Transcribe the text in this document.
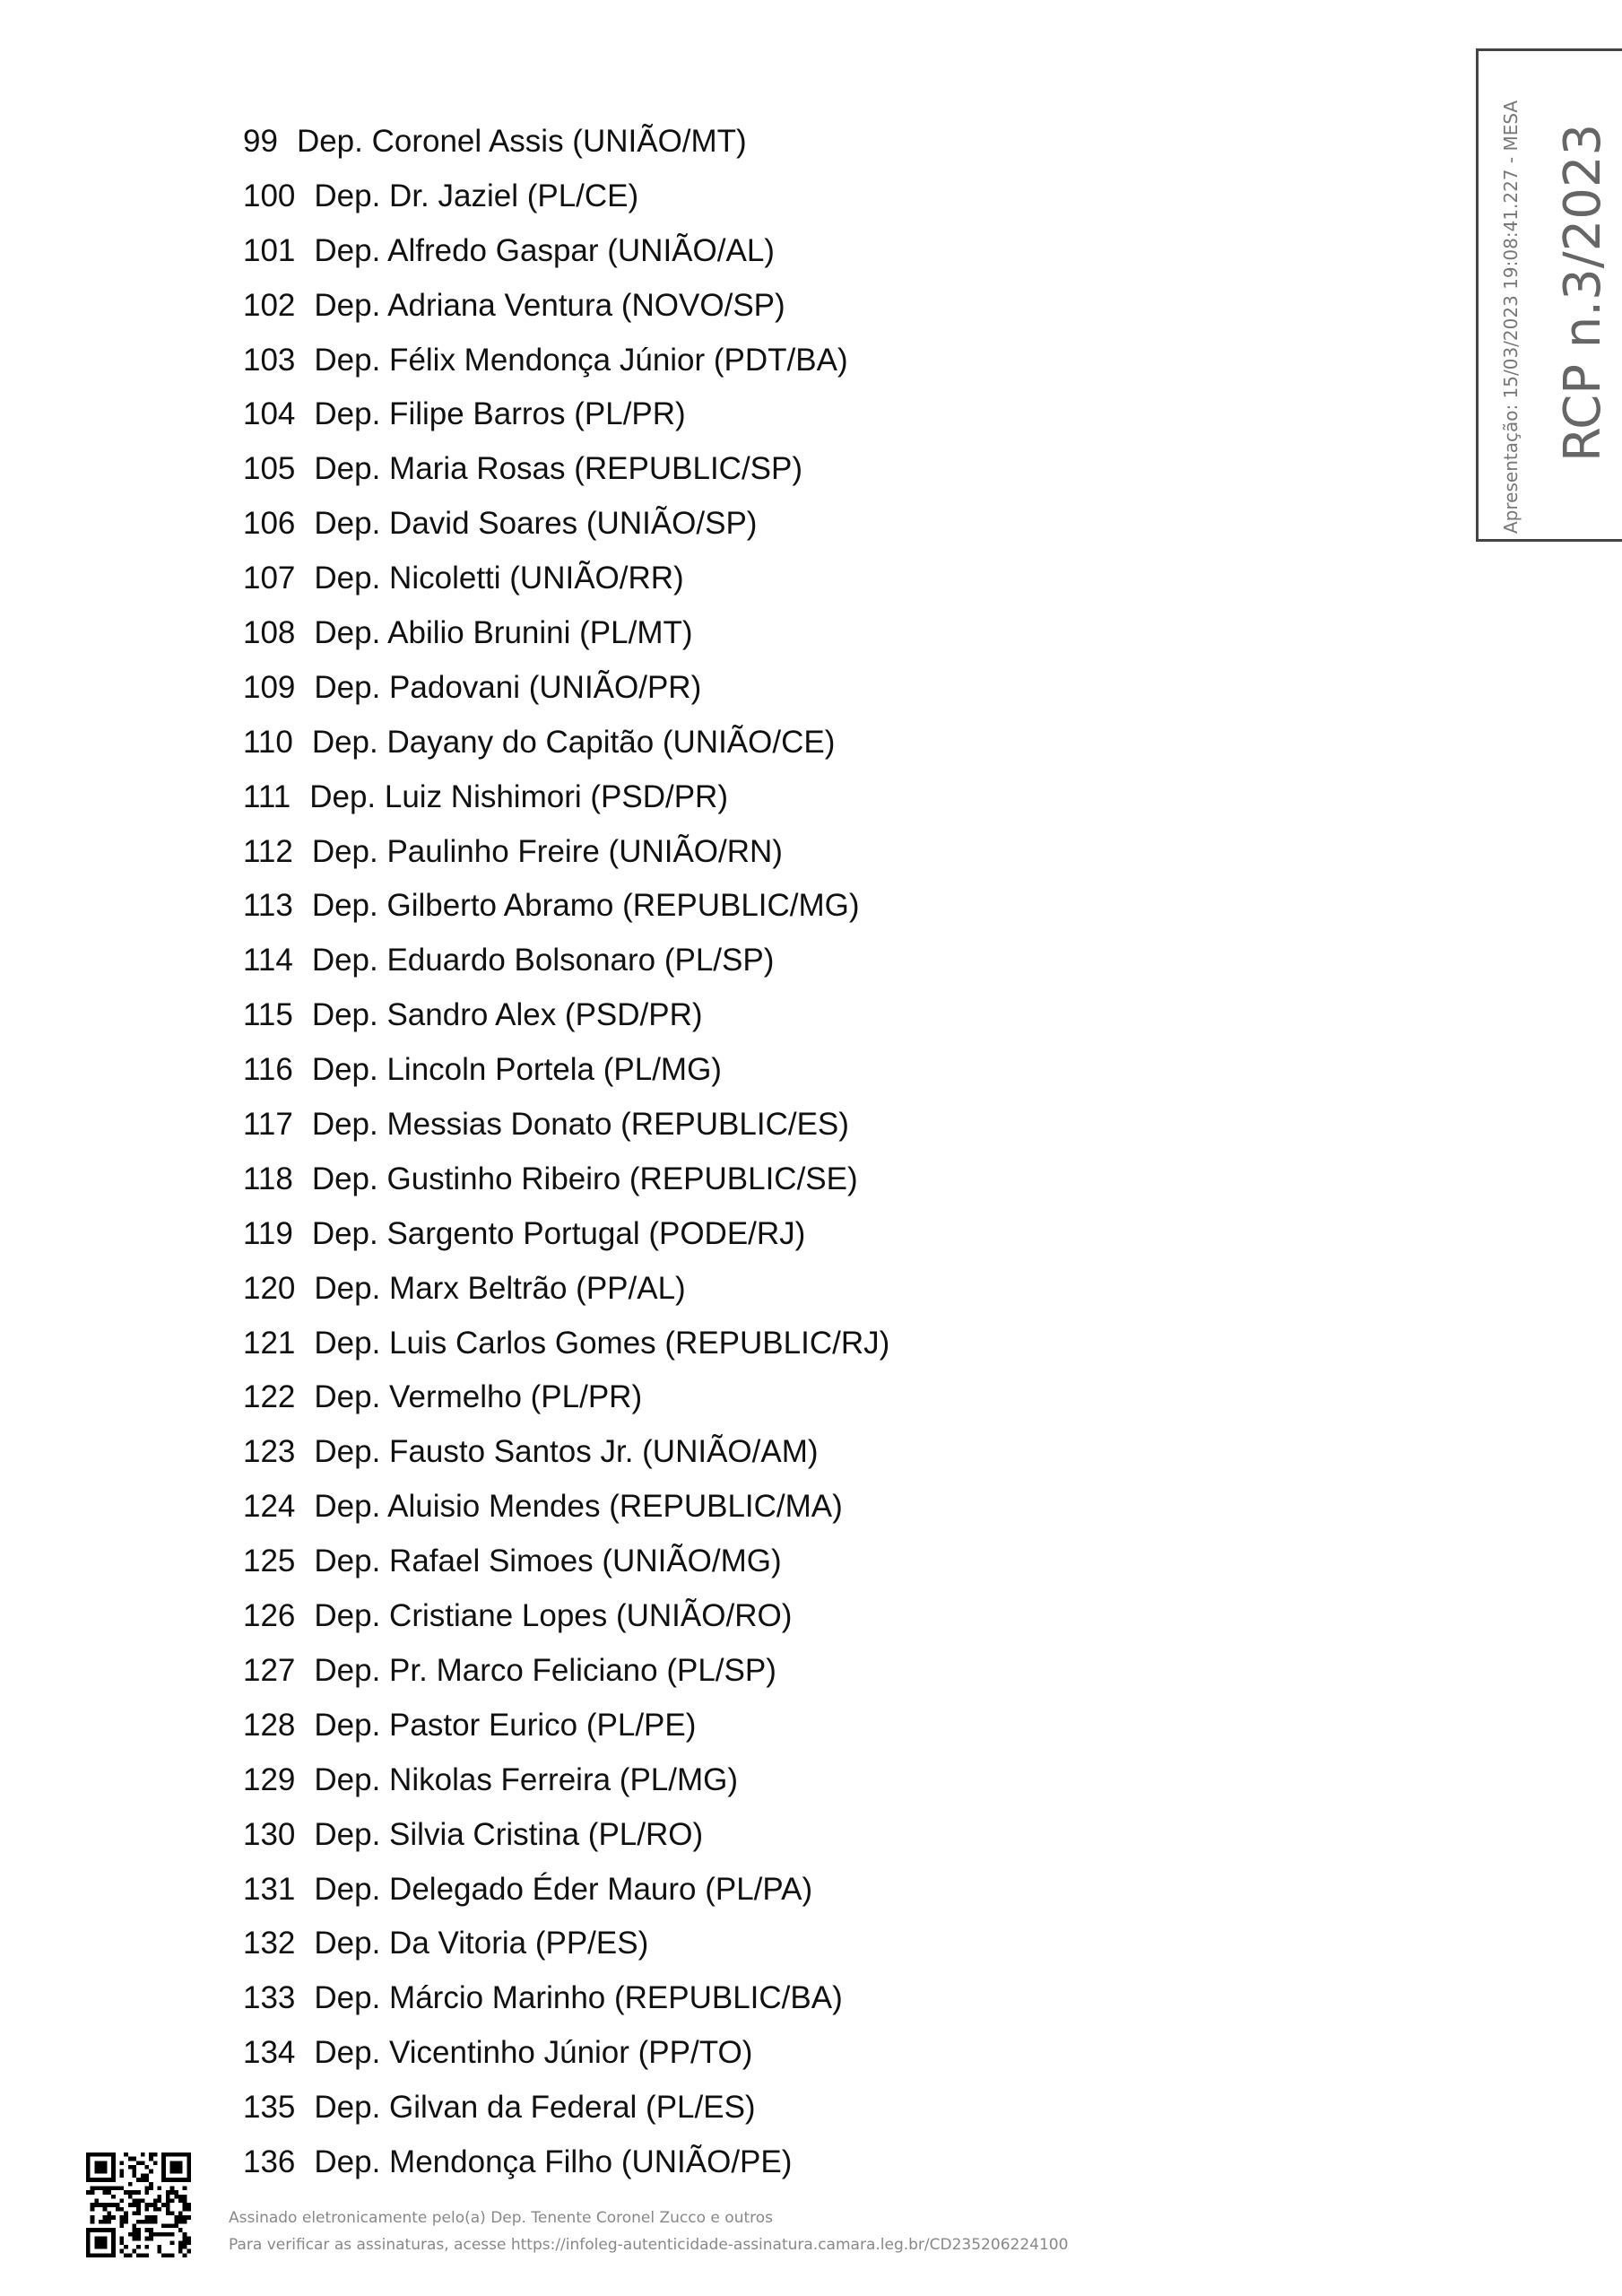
99 Dep. Coronel Assis (UNIÃO/MT)
100 Dep. Dr. Jaziel (PL/CE)
101 Dep. Alfredo Gaspar (UNIÃO/AL)
102 Dep. Adriana Ventura (NOVO/SP)
103 Dep. Félix Mendonça Júnior (PDT/BA)
104 Dep. Filipe Barros (PL/PR)
105 Dep. Maria Rosas (REPUBLIC/SP)
106 Dep. David Soares (UNIÃO/SP)
107 Dep. Nicoletti (UNIÃO/RR)
108 Dep. Abilio Brunini (PL/MT)
109 Dep. Padovani (UNIÃO/PR)
110 Dep. Dayany do Capitão (UNIÃO/CE)
111 Dep. Luiz Nishimori (PSD/PR)
112 Dep. Paulinho Freire (UNIÃO/RN)
113 Dep. Gilberto Abramo (REPUBLIC/MG)
114 Dep. Eduardo Bolsonaro (PL/SP)
115 Dep. Sandro Alex (PSD/PR)
116 Dep. Lincoln Portela (PL/MG)
117 Dep. Messias Donato (REPUBLIC/ES)
118 Dep. Gustinho Ribeiro (REPUBLIC/SE)
119 Dep. Sargento Portugal (PODE/RJ)
120 Dep. Marx Beltrão (PP/AL)
121 Dep. Luis Carlos Gomes (REPUBLIC/RJ)
122 Dep. Vermelho (PL/PR)
123 Dep. Fausto Santos Jr. (UNIÃO/AM)
124 Dep. Aluisio Mendes (REPUBLIC/MA)
125 Dep. Rafael Simoes (UNIÃO/MG)
126 Dep. Cristiane Lopes (UNIÃO/RO)
127 Dep. Pr. Marco Feliciano (PL/SP)
128 Dep. Pastor Eurico (PL/PE)
129 Dep. Nikolas Ferreira (PL/MG)
130 Dep. Silvia Cristina (PL/RO)
131 Dep. Delegado Éder Mauro (PL/PA)
132 Dep. Da Vitoria (PP/ES)
133 Dep. Márcio Marinho (REPUBLIC/BA)
134 Dep. Vicentinho Júnior (PP/TO)
135 Dep. Gilvan da Federal (PL/ES)
136 Dep. Mendonça Filho (UNIÃO/PE)
Apresentação: 15/03/2023 19:08:41.227 - MESA RCP n.3/2023
Assinado eletronicamente pelo(a) Dep. Tenente Coronel Zucco e outros
Para verificar as assinaturas, acesse https://infoleg-autenticidade-assinatura.camara.leg.br/CD235206224100
